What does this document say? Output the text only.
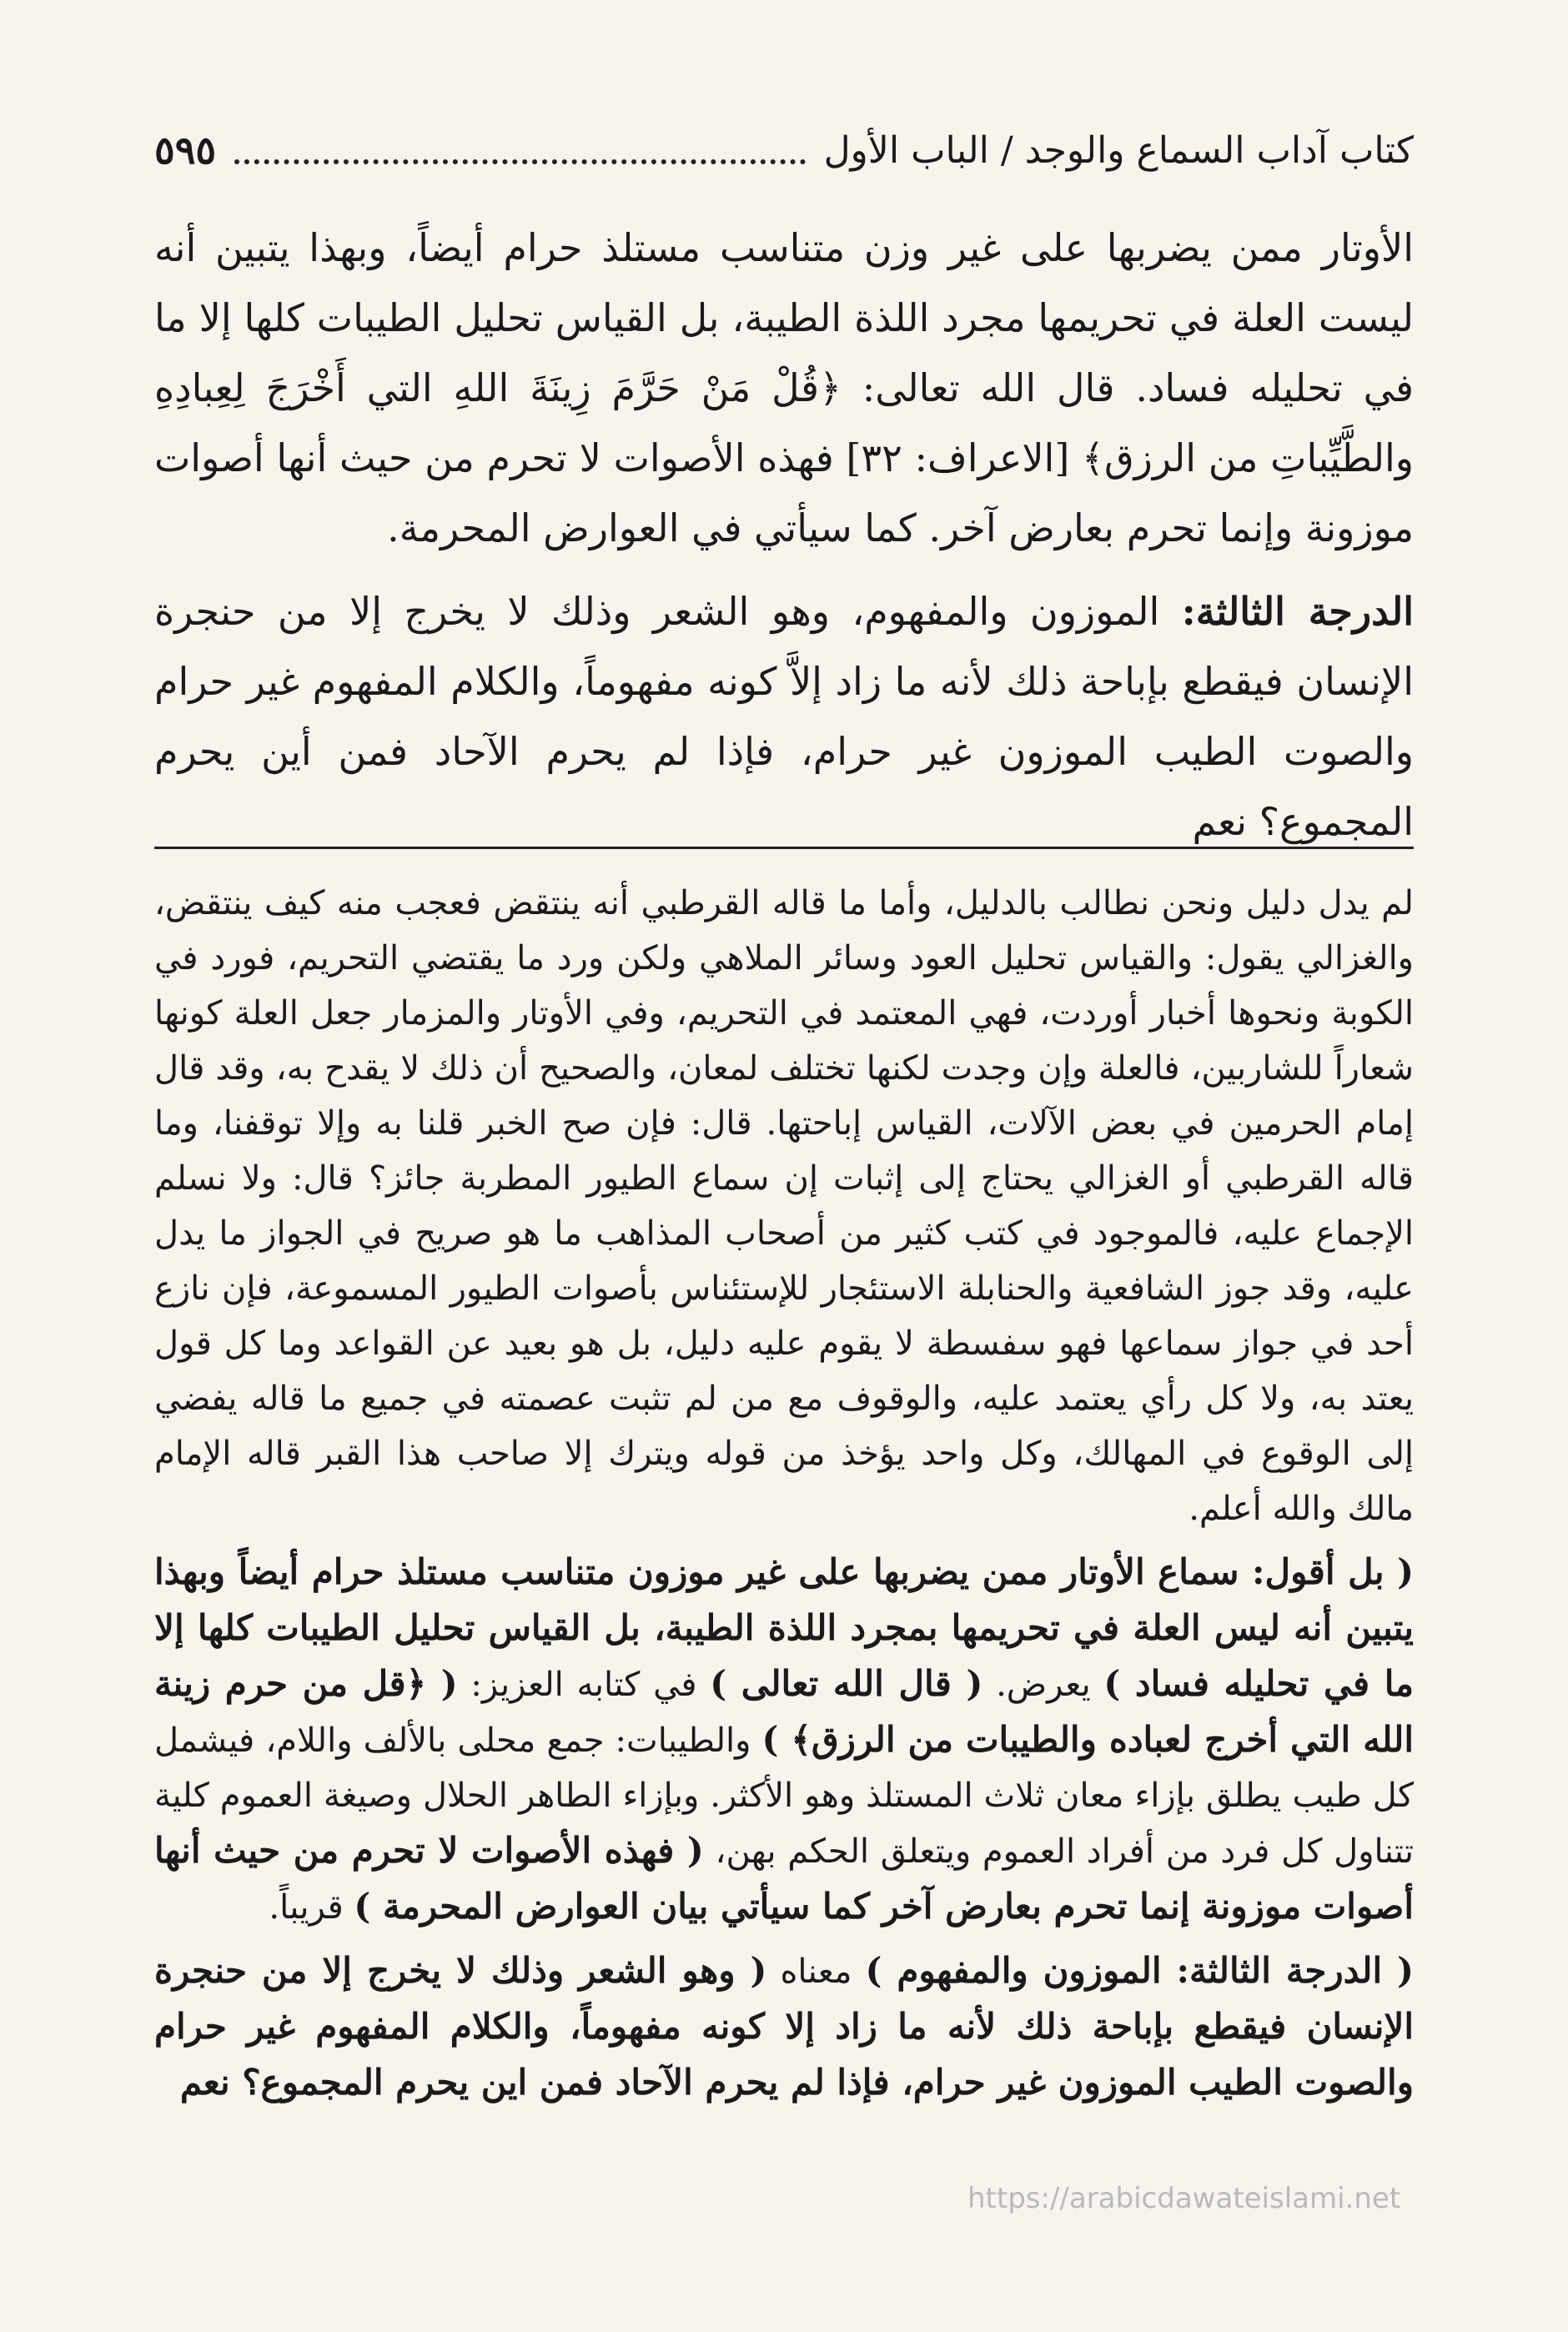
كتاب آداب السماع والوجد / الباب الأول
٥٩٥

الأوتار ممن يضربها على غير وزن متناسب مستلذ حرام أيضاً، وبهذا يتبين أنه ليست العلة في تحريمها مجرد اللذة الطيبة، بل القياس تحليل الطيبات كلها إلا ما في تحليله فساد. قال الله تعالى: ﴿قُلْ مَنْ حَرَّمَ زِينَةَ اللهِ التي أَخْرَجَ لِعِبادِهِ والطَّيِّباتِ من الرزق﴾ [الاعراف: ٣٢] فهذه الأصوات لا تحرم من حيث أنها أصوات موزونة وإنما تحرم بعارض آخر. كما سيأتي في العوارض المحرمة.

الدرجة الثالثة: الموزون والمفهوم، وهو الشعر وذلك لا يخرج إلا من حنجرة الإنسان فيقطع بإباحة ذلك لأنه ما زاد إلاَّ كونه مفهوماً، والكلام المفهوم غير حرام والصوت الطيب الموزون غير حرام، فإذا لم يحرم الآحاد فمن أين يحرم المجموع؟ نعم

لم يدل دليل ونحن نطالب بالدليل، وأما ما قاله القرطبي أنه ينتقض فعجب منه كيف ينتقض، والغزالي يقول: والقياس تحليل العود وسائر الملاهي ولكن ورد ما يقتضي التحريم، فورد في الكوبة ونحوها أخبار أوردت، فهي المعتمد في التحريم، وفي الأوتار والمزمار جعل العلة كونها شعاراً للشاربين، فالعلة وإن وجدت لكنها تختلف لمعان، والصحيح أن ذلك لا يقدح به، وقد قال إمام الحرمين في بعض الآلات، القياس إباحتها. قال: فإن صح الخبر قلنا به وإلا توقفنا، وما قاله القرطبي أو الغزالي يحتاج إلى إثبات إن سماع الطيور المطربة جائز؟ قال: ولا نسلم الإجماع عليه، فالموجود في كتب كثير من أصحاب المذاهب ما هو صريح في الجواز ما يدل عليه، وقد جوز الشافعية والحنابلة الاستئجار للإستئناس بأصوات الطيور المسموعة، فإن نازع أحد في جواز سماعها فهو سفسطة لا يقوم عليه دليل، بل هو بعيد عن القواعد وما كل قول يعتد به، ولا كل رأي يعتمد عليه، والوقوف مع من لم تثبت عصمته في جميع ما قاله يفضي إلى الوقوع في المهالك، وكل واحد يؤخذ من قوله ويترك إلا صاحب هذا القبر قاله الإمام مالك والله أعلم.

( بل أقول: سماع الأوتار ممن يضربها على غير موزون متناسب مستلذ حرام أيضاً وبهذا يتبين أنه ليس العلة في تحريمها بمجرد اللذة الطيبة، بل القياس تحليل الطيبات كلها إلا ما في تحليله فساد ) يعرض. ( قال الله تعالى ) في كتابه العزيز: ( ﴿قل من حرم زينة الله التي أخرج لعباده والطيبات من الرزق﴾ ) والطيبات: جمع محلى بالألف واللام، فيشمل كل طيب يطلق بإزاء معان ثلاث المستلذ وهو الأكثر. وبإزاء الطاهر الحلال وصيغة العموم كلية تتناول كل فرد من أفراد العموم ويتعلق الحكم بهن، ( فهذه الأصوات لا تحرم من حيث أنها أصوات موزونة إنما تحرم بعارض آخر كما سيأتي بيان العوارض المحرمة ) قريباً.

( الدرجة الثالثة: الموزون والمفهوم ) معناه ( وهو الشعر وذلك لا يخرج إلا من حنجرة الإنسان فيقطع بإباحة ذلك لأنه ما زاد إلا كونه مفهوماً، والكلام المفهوم غير حرام والصوت الطيب الموزون غير حرام، فإذا لم يحرم الآحاد فمن اين يحرم المجموع؟ نعم

https://arabicdawateislami.net
